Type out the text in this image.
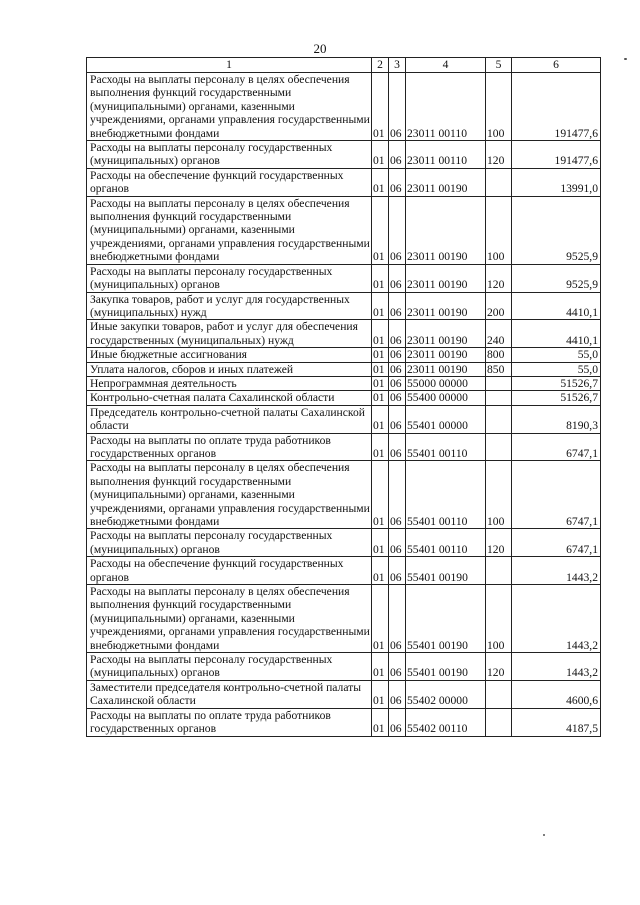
20
1	2	3	4	5	6
Расходы на выплаты персоналу в целях обеспечения выполнения функций государственными (муниципальными) органами, казенными учреждениями, органами управления государственными внебюджетными фондами	01	06	23011 00110	100	191477,6
Расходы на выплаты персоналу государственных (муниципальных) органов	01	06	23011 00110	120	191477,6
Расходы на обеспечение функций государственных органов	01	06	23011 00190		13991,0
Расходы на выплаты персоналу в целях обеспечения выполнения функций государственными (муниципальными) органами, казенными учреждениями, органами управления государственными внебюджетными фондами	01	06	23011 00190	100	9525,9
Расходы на выплаты персоналу государственных (муниципальных) органов	01	06	23011 00190	120	9525,9
Закупка товаров, работ и услуг для государственных (муниципальных) нужд	01	06	23011 00190	200	4410,1
Иные закупки товаров, работ и услуг для обеспечения государственных (муниципальных) нужд	01	06	23011 00190	240	4410,1
Иные бюджетные ассигнования	01	06	23011 00190	800	55,0
Уплата налогов, сборов и иных платежей	01	06	23011 00190	850	55,0
Непрограммная деятельность	01	06	55000 00000		51526,7
Контрольно-счетная палата Сахалинской области	01	06	55400 00000		51526,7
Председатель контрольно-счетной палаты Сахалинской области	01	06	55401 00000		8190,3
Расходы на выплаты по оплате труда работников государственных органов	01	06	55401 00110		6747,1
Расходы на выплаты персоналу в целях обеспечения выполнения функций государственными (муниципальными) органами, казенными учреждениями, органами управления государственными внебюджетными фондами	01	06	55401 00110	100	6747,1
Расходы на выплаты персоналу государственных (муниципальных) органов	01	06	55401 00110	120	6747,1
Расходы на обеспечение функций государственных органов	01	06	55401 00190		1443,2
Расходы на выплаты персоналу в целях обеспечения выполнения функций государственными (муниципальными) органами, казенными учреждениями, органами управления государственными внебюджетными фондами	01	06	55401 00190	100	1443,2
Расходы на выплаты персоналу государственных (муниципальных) органов	01	06	55401 00190	120	1443,2
Заместители председателя контрольно-счетной палаты Сахалинской области	01	06	55402 00000		4600,6
Расходы на выплаты по оплате труда работников государственных органов	01	06	55402 00110		4187,5
